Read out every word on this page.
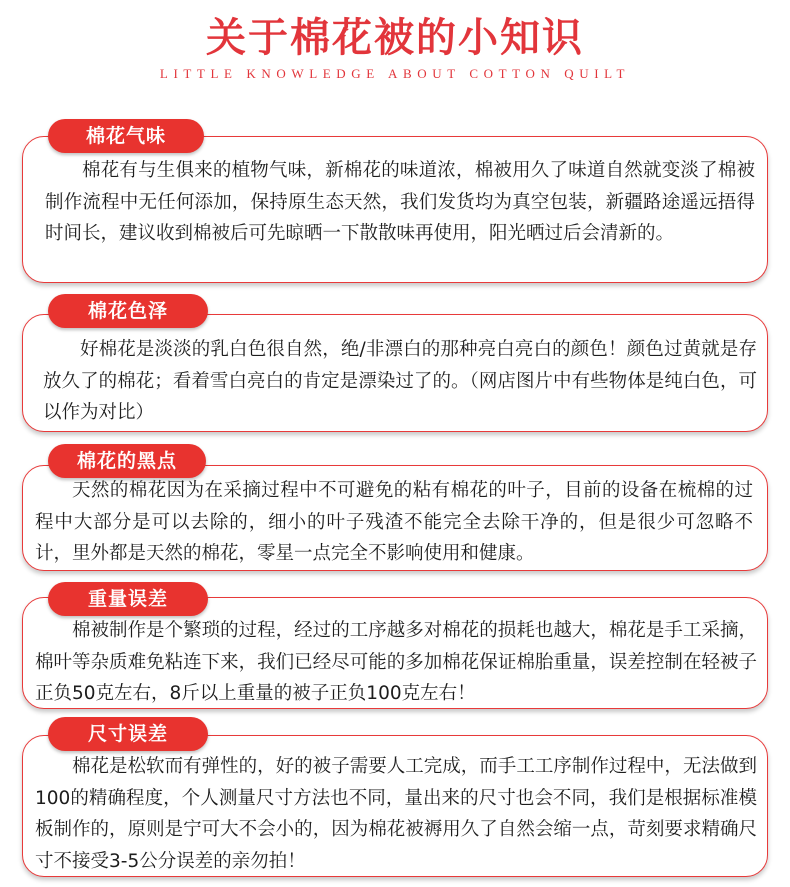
关于棉花被的小知识
LITTLE KNOWLEDGE ABOUT COTTON QUILT
棉花有与生俱来的植物气味，新棉花的味道浓，棉被用久了味道自然就变淡了棉被制作流程中无任何添加，保持原生态天然，我们发货均为真空包装，新疆路途遥远捂得时间长，建议收到棉被后可先晾晒一下散散味再使用，阳光晒过后会清新的。
棉花气味
好棉花是淡淡的乳白色很自然，绝/非漂白的那种亮白亮白的颜色！颜色过黄就是存放久了的棉花；看着雪白亮白的肯定是漂染过了的。（网店图片中有些物体是纯白色，可以作为对比）
棉花色泽
天然的棉花因为在采摘过程中不可避免的粘有棉花的叶子，目前的设备在梳棉的过程中大部分是可以去除的，细小的叶子残渣不能完全去除干净的，但是很少可忽略不计，里外都是天然的棉花，零星一点完全不影响使用和健康。
棉花的黑点
棉被制作是个繁琐的过程，经过的工序越多对棉花的损耗也越大，棉花是手工采摘，棉叶等杂质难免粘连下来，我们已经尽可能的多加棉花保证棉胎重量，误差控制在轻被子正负50克左右，8斤以上重量的被子正负100克左右！
重量误差
棉花是松软而有弹性的，好的被子需要人工完成，而手工工序制作过程中，无法做到100的精确程度，个人测量尺寸方法也不同，量出来的尺寸也会不同，我们是根据标准模板制作的，原则是宁可大不会小的，因为棉花被褥用久了自然会缩一点，苛刻要求精确尺寸不接受3-5公分误差的亲勿拍！
尺寸误差
